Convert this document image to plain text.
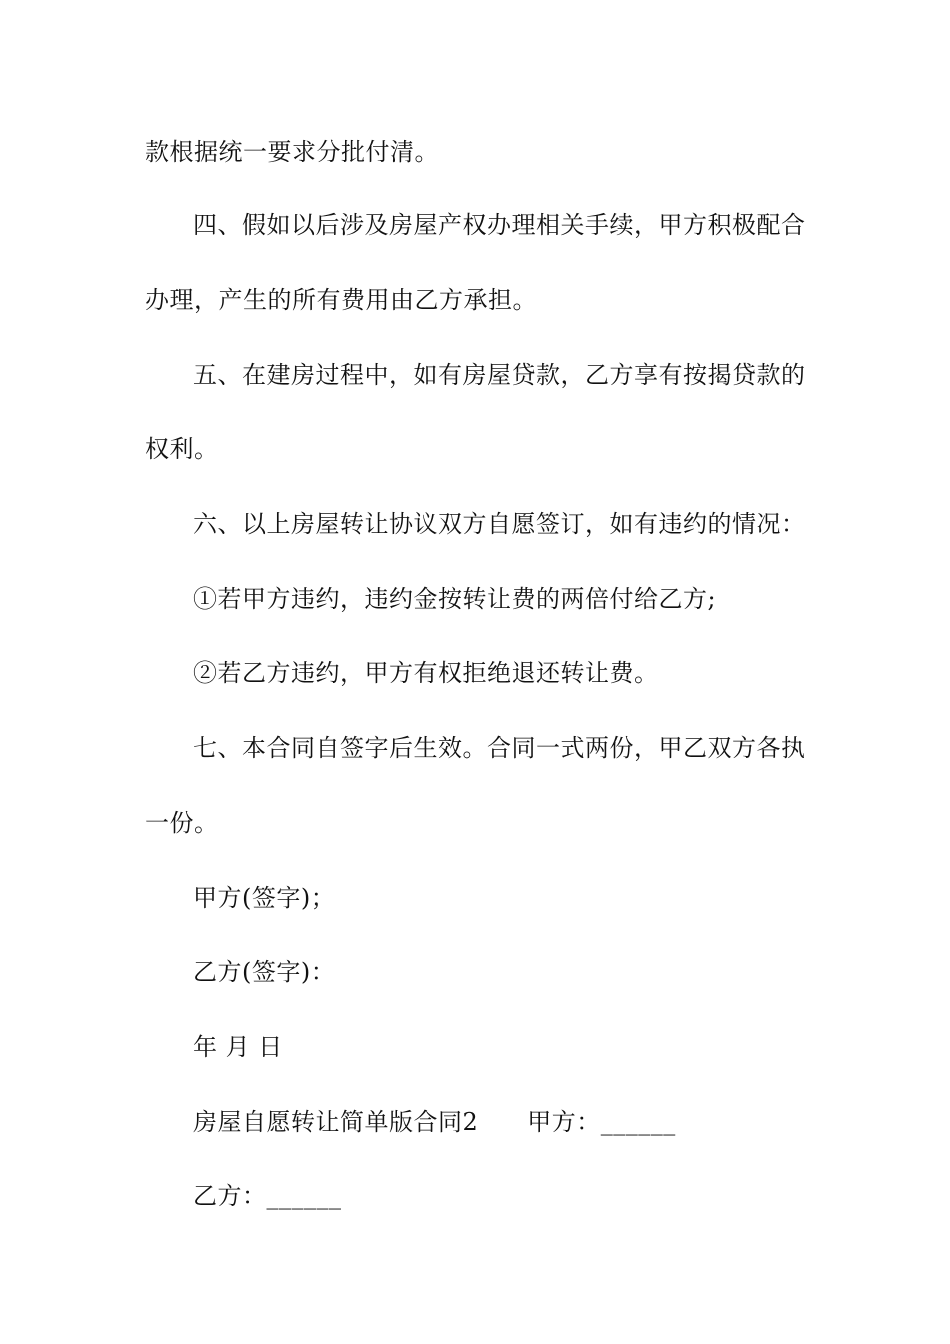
款根据统一要求分批付清。
四、假如以后涉及房屋产权办理相关手续，甲方积极配合
办理，产生的所有费用由乙方承担。
五、在建房过程中，如有房屋贷款，乙方享有按揭贷款的
权利。
六、以上房屋转让协议双方自愿签订，如有违约的情况：
①若甲方违约，违约金按转让费的两倍付给乙方;
②若乙方违约，甲方有权拒绝退还转让费。
七、本合同自签字后生效。合同一式两份，甲乙双方各执
一份。
甲方(签字)；
乙方(签字)：
年 月 日
房屋自愿转让简单版合同2　　甲方：______
乙方：______
